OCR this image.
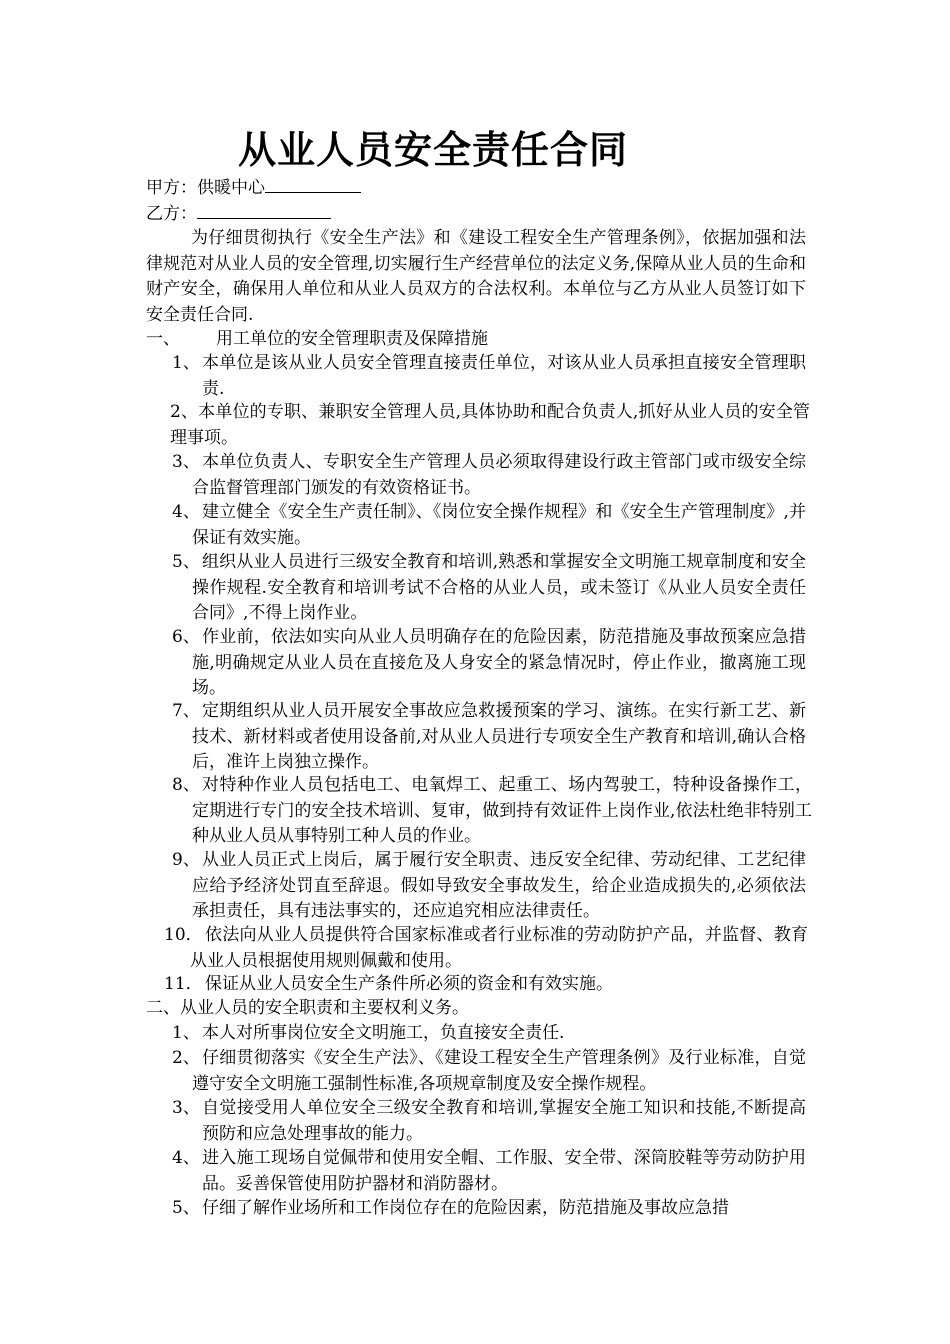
从业人员安全责任合同
甲方：供暖中心
乙方：
为仔细贯彻执行《安全生产法》和《建设工程安全生产管理条例》，依据加强和法律规范对从业人员的安全管理,切实履行生产经营单位的法定义务,保障从业人员的生命和财产安全，确保用人单位和从业人员双方的合法权利。本单位与乙方从业人员签订如下安全责任合同.
一、 用工单位的安全管理职责及保障措施
1、 本单位是该从业人员安全管理直接责任单位，对该从业人员承担直接安全管理职责.
2、本单位的专职、兼职安全管理人员,具体协助和配合负责人,抓好从业人员的安全管理事项。
3、 本单位负责人、专职安全生产管理人员必须取得建设行政主管部门或市级安全综合监督管理部门颁发的有效资格证书。
4、 建立健全《安全生产责任制》、《岗位安全操作规程》和《安全生产管理制度》,并保证有效实施。
5、 组织从业人员进行三级安全教育和培训,熟悉和掌握安全文明施工规章制度和安全操作规程.安全教育和培训考试不合格的从业人员，或未签订《从业人员安全责任合同》,不得上岗作业。
6、 作业前，依法如实向从业人员明确存在的危险因素，防范措施及事故预案应急措施,明确规定从业人员在直接危及人身安全的紧急情况时，停止作业，撤离施工现场。
7、 定期组织从业人员开展安全事故应急救援预案的学习、演练。在实行新工艺、新技术、新材料或者使用设备前,对从业人员进行专项安全生产教育和培训,确认合格后，准许上岗独立操作。
8、 对特种作业人员包括电工、电氧焊工、起重工、场内驾驶工，特种设备操作工，定期进行专门的安全技术培训、复审，做到持有效证件上岗作业,依法杜绝非特别工种从业人员从事特别工种人员的作业。
9、 从业人员正式上岗后，属于履行安全职责、违反安全纪律、劳动纪律、工艺纪律应给予经济处罚直至辞退。假如导致安全事故发生，给企业造成损失的,必须依法承担责任，具有违法事实的，还应追究相应法律责任。
10． 依法向从业人员提供符合国家标准或者行业标准的劳动防护产品，并监督、教育从业人员根据使用规则佩戴和使用。
11． 保证从业人员安全生产条件所必须的资金和有效实施。
二、从业人员的安全职责和主要权利义务。
1、 本人对所事岗位安全文明施工，负直接安全责任.
2、 仔细贯彻落实《安全生产法》、《建设工程安全生产管理条例》及行业标准，自觉遵守安全文明施工强制性标准,各项规章制度及安全操作规程。
3、 自觉接受用人单位安全三级安全教育和培训,掌握安全施工知识和技能,不断提高预防和应急处理事故的能力。
4、 进入施工现场自觉佩带和使用安全帽、工作服、安全带、深筒胶鞋等劳动防护用品。妥善保管使用防护器材和消防器材。
5、 仔细了解作业场所和工作岗位存在的危险因素，防范措施及事故应急措
